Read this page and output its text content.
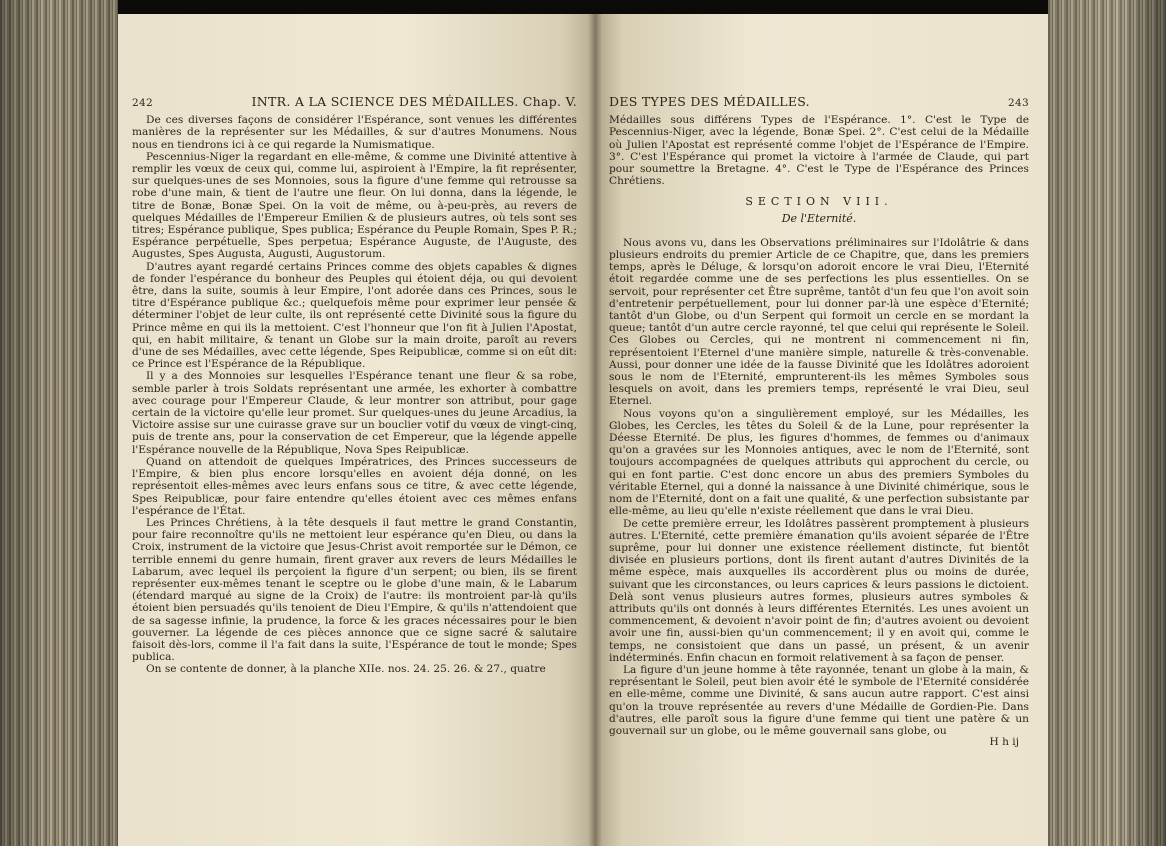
242	INTR. A LA SCIENCE DES MÉDAILLES. Chap. V.

De ces diverses façons de considérer l'Espérance, sont venues les différentes manières de la représenter sur les Médailles, & sur d'autres Monumens. Nous nous en tiendrons ici à ce qui regarde la Numismatique.

Pescennius-Niger la regardant en elle-même, & comme une Divinité attentive à remplir les vœux de ceux qui, comme lui, aspiroient à l'Empire, la fit représenter, sur quelques-unes de ses Monnoies, sous la figure d'une femme qui retrousse sa robe d'une main, & tient de l'autre une fleur. On lui donna, dans la légende, le titre de Bonæ, Bonæ Spei. On la voit de même, ou à-peu-près, au revers de quelques Médailles de l'Empereur Emilien & de plusieurs autres, où tels sont ses titres; Espérance publique, Spes publica; Espérance du Peuple Romain, Spes P. R.; Espérance perpétuelle, Spes perpetua; Espérance Auguste, de l'Auguste, des Augustes, Spes Augusta, Augusti, Augustorum.

D'autres ayant regardé certains Princes comme des objets capables & dignes de fonder l'espérance du bonheur des Peuples qui étoient déja, ou qui devoient être, dans la suite, soumis à leur Empire, l'ont adorée dans ces Princes, sous le titre d'Espérance publique &c.; quelquefois même pour exprimer leur pensée & déterminer l'objet de leur culte, ils ont représenté cette Divinité sous la figure du Prince même en qui ils la mettoient. C'est l'honneur que l'on fit à Julien l'Apostat, qui, en habit militaire, & tenant un Globe sur la main droite, paroît au revers d'une de ses Médailles, avec cette légende, Spes Reipublicæ, comme si on eût dit: ce Prince est l'Espérance de la République.

Il y a des Monnoies sur lesquelles l'Espérance tenant une fleur & sa robe, semble parler à trois Soldats représentant une armée, les exhorter à combattre avec courage pour l'Empereur Claude, & leur montrer son attribut, pour gage certain de la victoire qu'elle leur promet. Sur quelques-unes du jeune Arcadius, la Victoire assise sur une cuirasse grave sur un bouclier votif du vœux de vingt-cinq, puis de trente ans, pour la conservation de cet Empereur, que la légende appelle l'Espérance nouvelle de la République, Nova Spes Reipublicæ.

Quand on attendoit de quelques Impératrices, des Princes successeurs de l'Empire, & bien plus encore lorsqu'elles en avoient déja donné, on les représentoit elles-mêmes avec leurs enfans sous ce titre, & avec cette légende, Spes Reipublicæ, pour faire entendre qu'elles étoient avec ces mêmes enfans l'espérance de l'État.

Les Princes Chrétiens, à la tête desquels il faut mettre le grand Constantin, pour faire reconnoître qu'ils ne mettoient leur espérance qu'en Dieu, ou dans la Croix, instrument de la victoire que Jesus-Christ avoit remportée sur le Démon, ce terrible ennemi du genre humain, firent graver aux revers de leurs Médailles le Labarum, avec lequel ils perçoient la figure d'un serpent; ou bien, ils se firent représenter eux-mêmes tenant le sceptre ou le globe d'une main, & le Labarum (étendard marqué au signe de la Croix) de l'autre: ils montroient par-là qu'ils étoient bien persuadés qu'ils tenoient de Dieu l'Empire, & qu'ils n'attendoient que de sa sagesse infinie, la prudence, la force & les graces nécessaires pour le bien gouverner. La légende de ces pièces annonce que ce signe sacré & salutaire faisoit dès-lors, comme il l'a fait dans la suite, l'Espérance de tout le monde; Spes publica.

On se contente de donner, à la planche XIIe. nos. 24. 25. 26. & 27., quatre

DES TYPES DES MÉDAILLES.	243

Médailles sous différens Types de l'Espérance. 1°. C'est le Type de Pescennius-Niger, avec la légende, Bonæ Spei. 2°. C'est celui de la Médaille où Julien l'Apostat est représenté comme l'objet de l'Espérance de l'Empire. 3°. C'est l'Espérance qui promet la victoire à l'armée de Claude, qui part pour soumettre la Bretagne. 4°. C'est le Type de l'Espérance des Princes Chrétiens.

SECTION VIII.

De l'Eternité.

Nous avons vu, dans les Observations préliminaires sur l'Idolâtrie & dans plusieurs endroits du premier Article de ce Chapitre, que, dans les premiers temps, après le Déluge, & lorsqu'on adoroit encore le vrai Dieu, l'Eternité étoit regardée comme une de ses perfections les plus essentielles. On se servoit, pour représenter cet Être suprême, tantôt d'un feu que l'on avoit soin d'entretenir perpétuellement, pour lui donner par-là une espèce d'Eternité; tantôt d'un Globe, ou d'un Serpent qui formoit un cercle en se mordant la queue; tantôt d'un autre cercle rayonné, tel que celui qui représente le Soleil. Ces Globes ou Cercles, qui ne montrent ni commencement ni fin, représentoient l'Eternel d'une manière simple, naturelle & très-convenable. Aussi, pour donner une idée de la fausse Divinité que les Idolâtres adoroient sous le nom de l'Eternité, emprunterent-ils les mêmes Symboles sous lesquels on avoit, dans les premiers temps, représenté le vrai Dieu, seul Eternel.

Nous voyons qu'on a singulièrement employé, sur les Médailles, les Globes, les Cercles, les têtes du Soleil & de la Lune, pour représenter la Déesse Eternité. De plus, les figures d'hommes, de femmes ou d'animaux qu'on a gravées sur les Monnoies antiques, avec le nom de l'Eternité, sont toujours accompagnées de quelques attributs qui approchent du cercle, ou qui en font partie. C'est donc encore un abus des premiers Symboles du véritable Eternel, qui a donné la naissance à une Divinité chimérique, sous le nom de l'Eternité, dont on a fait une qualité, & une perfection subsistante par elle-même, au lieu qu'elle n'existe réellement que dans le vrai Dieu.

De cette première erreur, les Idolâtres passèrent promptement à plusieurs autres. L'Eternité, cette première émanation qu'ils avoient séparée de l'Être suprême, pour lui donner une existence réellement distincte, fut bientôt divisée en plusieurs portions, dont ils firent autant d'autres Divinités de la même espèce, mais auxquelles ils accordèrent plus ou moins de durée, suivant que les circonstances, ou leurs caprices & leurs passions le dictoient. Delà sont venus plusieurs autres formes, plusieurs autres symboles & attributs qu'ils ont donnés à leurs différentes Eternités. Les unes avoient un commencement, & devoient n'avoir point de fin; d'autres avoient ou devoient avoir une fin, aussi-bien qu'un commencement; il y en avoit qui, comme le temps, ne consistoient que dans un passé, un présent, & un avenir indéterminés. Enfin chacun en formoit relativement à sa façon de penser.

La figure d'un jeune homme à tête rayonnée, tenant un globe à la main, & représentant le Soleil, peut bien avoir été le symbole de l'Eternité considérée en elle-même, comme une Divinité, & sans aucun autre rapport. C'est ainsi qu'on la trouve représentée au revers d'une Médaille de Gordien-Pie. Dans d'autres, elle paroît sous la figure d'une femme qui tient une patère & un gouvernail sur un globe, ou le même gouvernail sans globe, ou

H h ij
